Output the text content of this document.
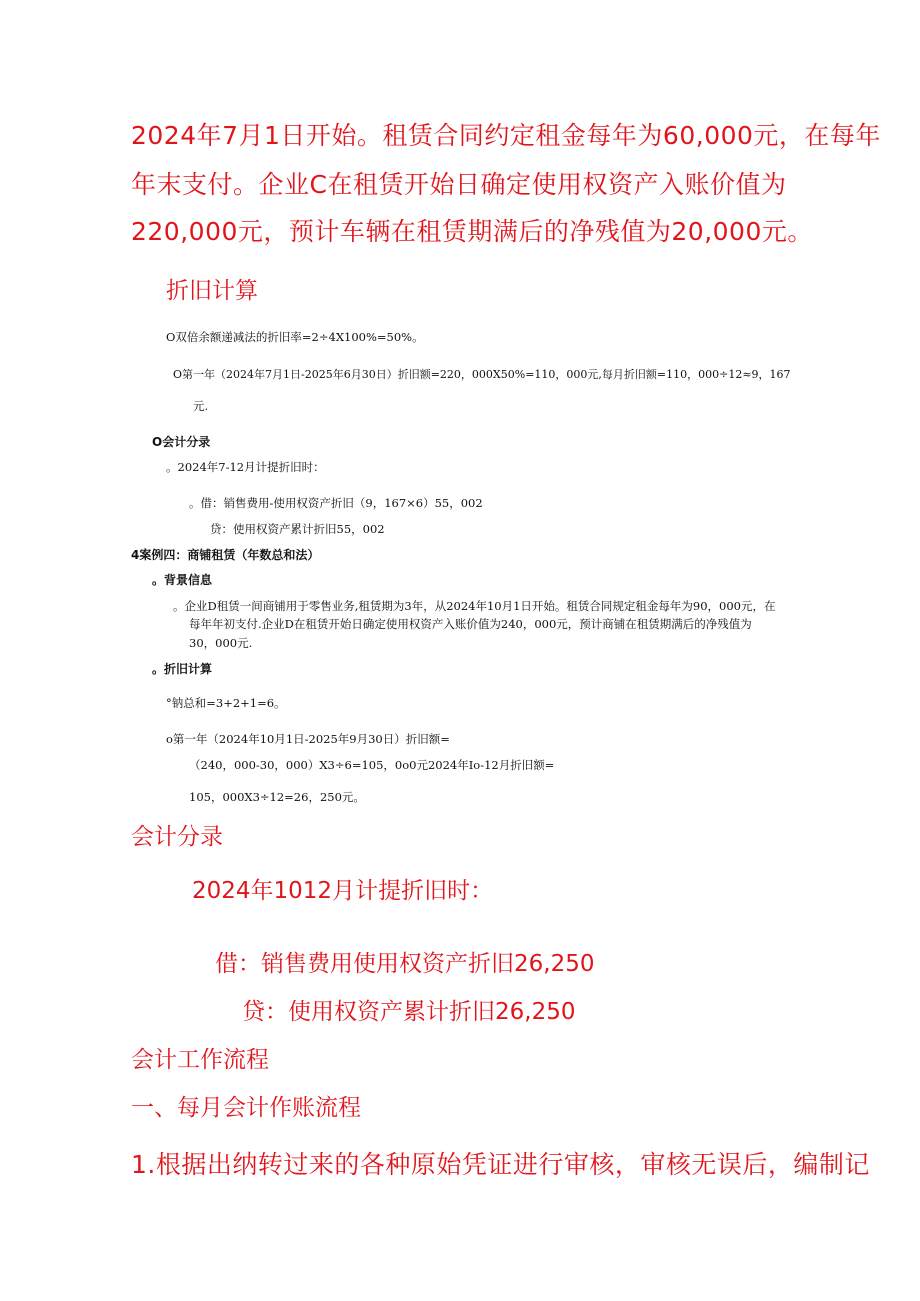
2024年7月1日开始。租赁合同约定租金每年为60,000元，在每年

年末支付。企业C在租赁开始日确定使用权资产入账价值为

220,000元，预计车辆在租赁期满后的净残值为20,000元。

折旧计算

O双倍余额递减法的折旧率=2÷4X100%=50%。

O第一年（2024年7月1日-2025年6月30日）折旧额=220，000X50%=110，000元,每月折旧额=110，000÷12≈9，167

元.

O会计分录

。2024年7-12月计提折旧时：

。借：销售费用-使用权资产折旧（9，167×6）55，002

贷：使用权资产累计折旧55，002

4案例四：商铺租赁（年数总和法）

。背景信息

。企业D租赁一间商铺用于零售业务,租赁期为3年，从2024年10月1日开始。租赁合同规定租金每年为90，000元，在

每年年初支付.企业D在租赁开始日确定使用权资产入账价值为240，000元，预计商铺在租赁期满后的净残值为

30，000元.

。折旧计算

°钠总和=3+2+1=6。

o第一年（2024年10月1日-2025年9月30日）折旧额=

（240，000-30，000）X3÷6=105，0o0元2024年Io-12月折旧额=

105，000X3÷12=26，250元。

会计分录

2024年1012月计提折旧时：

借：销售费用使用权资产折旧26,250

贷：使用权资产累计折旧26,250

会计工作流程

一、每月会计作账流程

1.根据出纳转过来的各种原始凭证进行审核，审核无误后，编制记
